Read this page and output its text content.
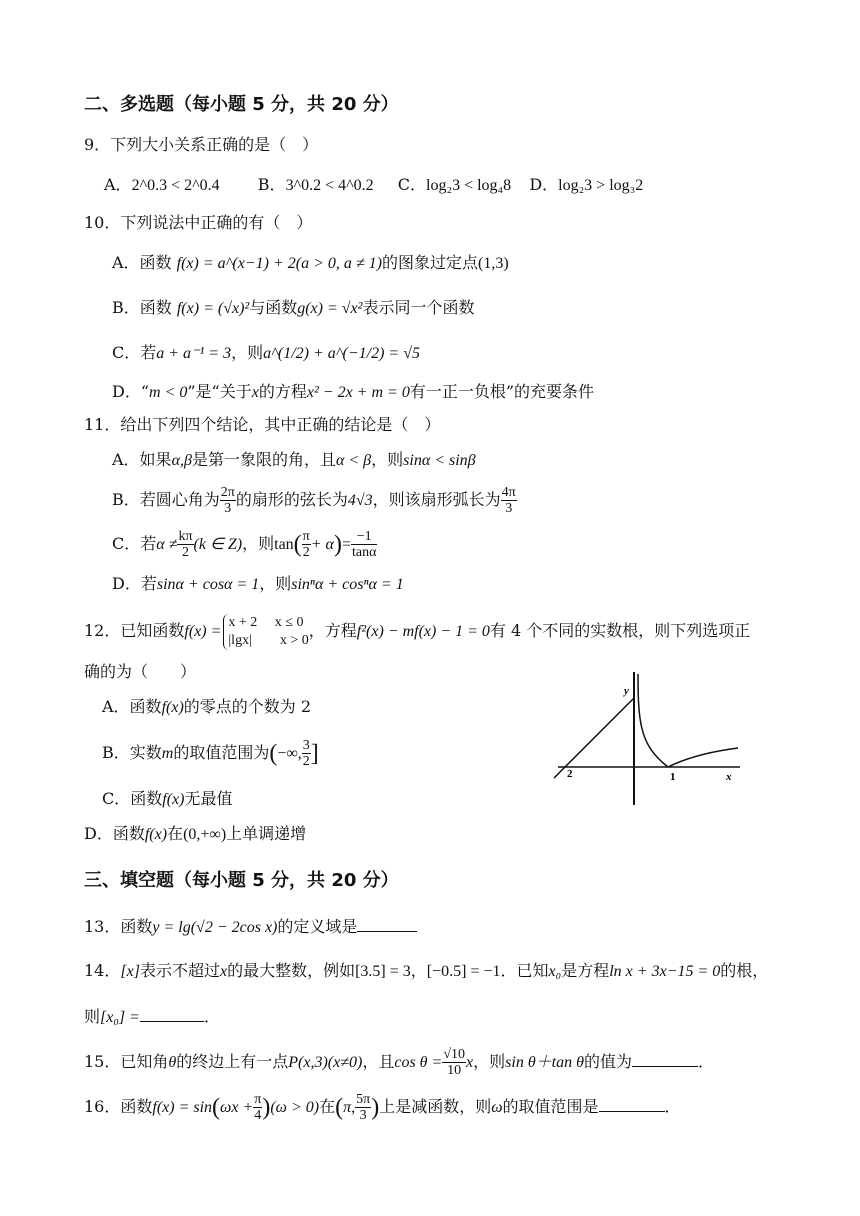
二、多选题（每小题 5 分，共 20 分）
9．下列大小关系正确的是（　）
A．2^0.3 < 2^0.4 B．3^0.2 < 4^0.2 C．log₂3 < log₄8 D．log₂3 > log₃2
10．下列说法中正确的有（　）
A．函数 f(x) = a^(x−1) + 2(a > 0, a ≠ 1)的图象过定点(1,3)
B．函数 f(x) = (√x)²与函数g(x) = √x²表示同一个函数
C．若a + a⁻¹ = 3，则a^(1/2) + a^(−1/2) = √5
D．“m < 0”是“关于x的方程x² − 2x + m = 0有一正一负根”的充要条件
11．给出下列四个结论，其中正确的结论是（　）
A．如果α,β是第一象限的角，且α < β，则sinα < sinβ
B．若圆心角为 $\frac{2\pi}{3}$ 的扇形的弦长为4√3，则该扇形弧长为 $\frac{4\pi}{3}$
C．若$\alpha \ne \frac{k\pi}{2} (k$ ∈ Z)，则$\tan( \frac{\pi}{2} + \alpha)= \frac{-1}{\tan\alpha}$
D．若sinα + cosα = 1，则sinⁿα + cosⁿα = 1
12．已知函数f(x) =
x + 2　 x ≤ 0
|lgx|　　x > 0 ，方程f²(x) − mf(x) − 1 = 0有 4 个不同的实数根，则下列选项正
确的为（　　）
A．函数f(x)的零点的个数为 2
B．实数m的取值范围为(−∞, $\frac{3}{2}$ ]
C．函数f(x)无最值
D．函数f(x)在(0,+∞)上单调递增
y
x
2	1
三、填空题（每小题 5 分，共 20 分）
13．函数y = lg(√2 − 2cos x)的定义域是
14．[x]表示不超过x的最大整数，例如[3.5] = 3，[−0.5] = −1．已知x₀是方程ln x + 3x−15 = 0的根，
则[x₀] =	．
15．已知角θ的终边上有一点P(x,3)(x≠0)，且$\cos \theta = \frac{√10}{10}$ x，则sin θ＋tan θ的值为	．
16．函数$f(x) = \sin(\omega x + \frac{\pi}{4} )(\omega > 0)$在(π, $\frac{5\pi}{3}$ )上是减函数，则ω的取值范围是	．
